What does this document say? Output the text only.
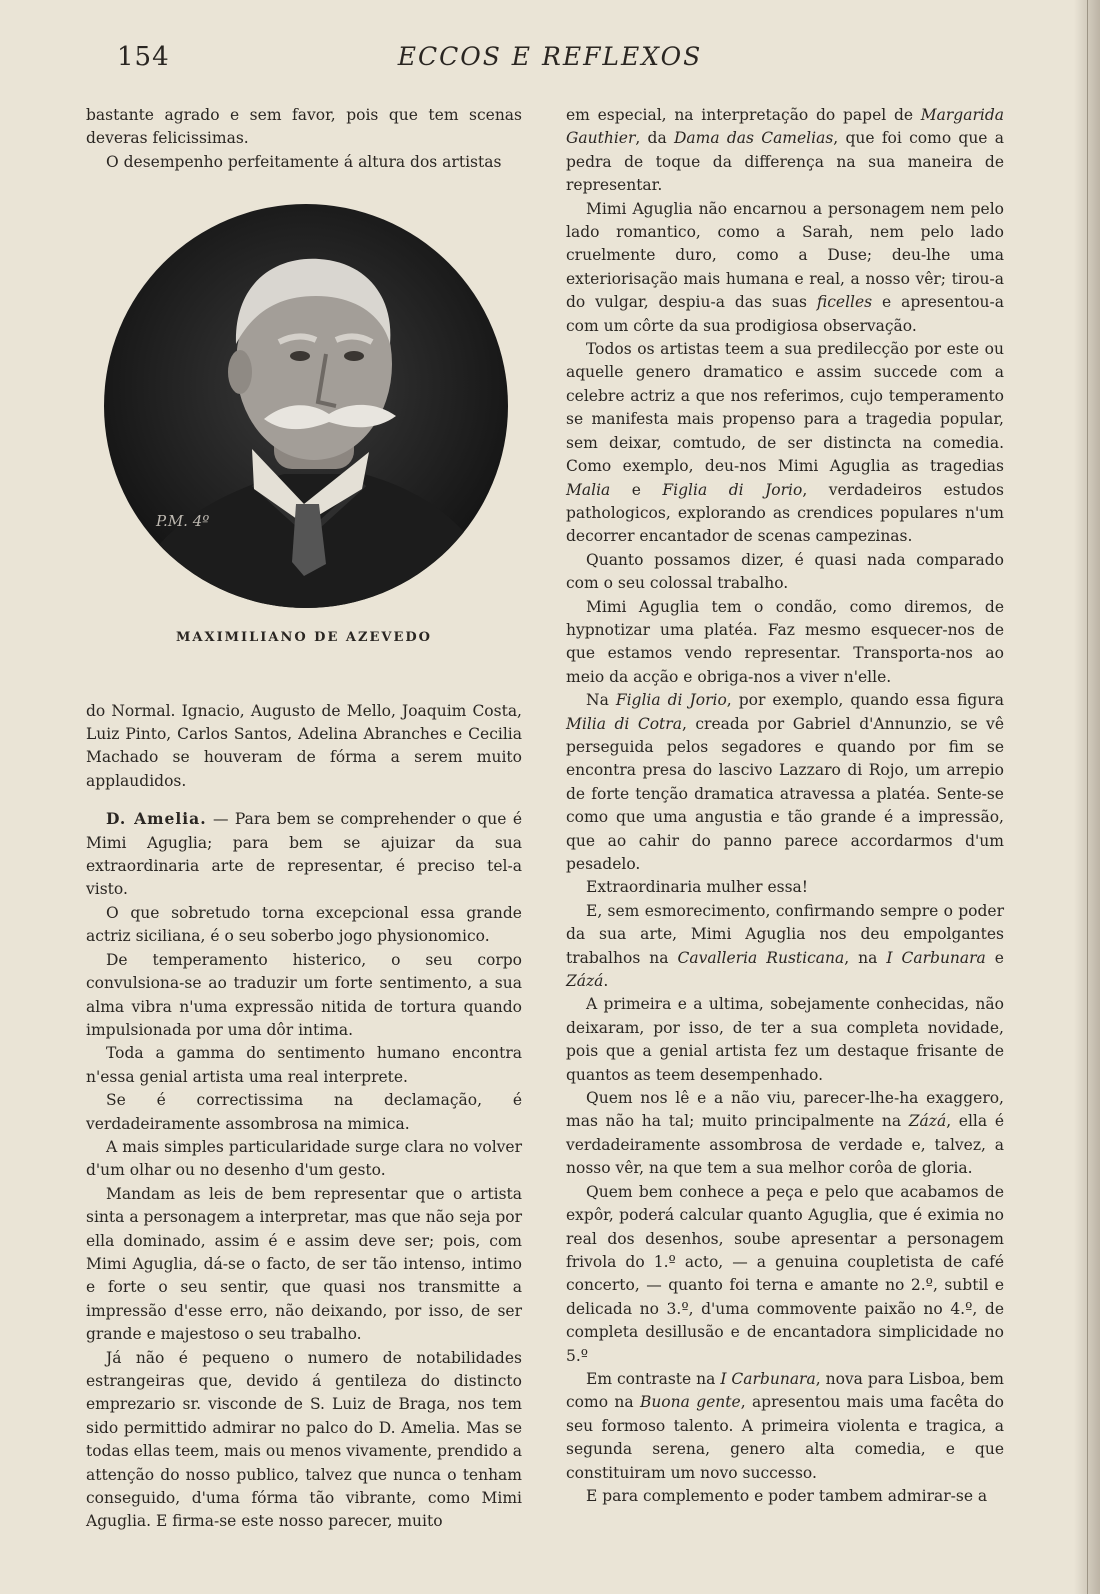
154	ECCOS E REFLEXOS

bastante agrado e sem favor, pois que tem scenas deveras felicissimas.

O desempenho perfeitamente á altura dos artistas

P.M. 4º
MAXIMILIANO DE AZEVEDO

do Normal. Ignacio, Augusto de Mello, Joaquim Costa, Luiz Pinto, Carlos Santos, Adelina Abranches e Cecilia Machado se houveram de fórma a serem muito applaudidos.

D. Amelia. — Para bem se comprehender o que é Mimi Aguglia; para bem se ajuizar da sua extraordinaria arte de representar, é preciso tel-a visto.

O que sobretudo torna excepcional essa grande actriz siciliana, é o seu soberbo jogo physionomico.

De temperamento histerico, o seu corpo convulsiona-se ao traduzir um forte sentimento, a sua alma vibra n'uma expressão nitida de tortura quando impulsionada por uma dôr intima.

Toda a gamma do sentimento humano encontra n'essa genial artista uma real interprete.

Se é correctissima na declamação, é verdadeiramente assombrosa na mimica.

A mais simples particularidade surge clara no volver d'um olhar ou no desenho d'um gesto.

Mandam as leis de bem representar que o artista sinta a personagem a interpretar, mas que não seja por ella dominado, assim é e assim deve ser; pois, com Mimi Aguglia, dá-se o facto, de ser tão intenso, intimo e forte o seu sentir, que quasi nos transmitte a impressão d'esse erro, não deixando, por isso, de ser grande e majestoso o seu trabalho.

Já não é pequeno o numero de notabilidades estrangeiras que, devido á gentileza do distincto emprezario sr. visconde de S. Luiz de Braga, nos tem sido permittido admirar no palco do D. Amelia. Mas se todas ellas teem, mais ou menos vivamente, prendido a attenção do nosso publico, talvez que nunca o tenham conseguido, d'uma fórma tão vibrante, como Mimi Aguglia. E firma-se este nosso parecer, muito

em especial, na interpretação do papel de Margarida Gauthier, da Dama das Camelias, que foi como que a pedra de toque da differença na sua maneira de representar.

Mimi Aguglia não encarnou a personagem nem pelo lado romantico, como a Sarah, nem pelo lado cruelmente duro, como a Duse; deu-lhe uma exteriorisação mais humana e real, a nosso vêr; tirou-a do vulgar, despiu-a das suas ficelles e apresentou-a com um côrte da sua prodigiosa observação.

Todos os artistas teem a sua predilecção por este ou aquelle genero dramatico e assim succede com a celebre actriz a que nos referimos, cujo temperamento se manifesta mais propenso para a tragedia popular, sem deixar, comtudo, de ser distincta na comedia. Como exemplo, deu-nos Mimi Aguglia as tragedias Malia e Figlia di Jorio, verdadeiros estudos pathologicos, explorando as crendices populares n'um decorrer encantador de scenas campezinas.

Quanto possamos dizer, é quasi nada comparado com o seu colossal trabalho.

Mimi Aguglia tem o condão, como diremos, de hypnotizar uma platéa. Faz mesmo esquecer-nos de que estamos vendo representar. Transporta-nos ao meio da acção e obriga-nos a viver n'elle.

Na Figlia di Jorio, por exemplo, quando essa figura Milia di Cotra, creada por Gabriel d'Annunzio, se vê perseguida pelos segadores e quando por fim se encontra presa do lascivo Lazzaro di Rojo, um arrepio de forte tenção dramatica atravessa a platéa. Sente-se como que uma angustia e tão grande é a impressão, que ao cahir do panno parece accordarmos d'um pesadelo.

Extraordinaria mulher essa!

E, sem esmorecimento, confirmando sempre o poder da sua arte, Mimi Aguglia nos deu empolgantes trabalhos na Cavalleria Rusticana, na I Carbunara e Zázá.

A primeira e a ultima, sobejamente conhecidas, não deixaram, por isso, de ter a sua completa novidade, pois que a genial artista fez um destaque frisante de quantos as teem desempenhado.

Quem nos lê e a não viu, parecer-lhe-ha exaggero, mas não ha tal; muito principalmente na Zázá, ella é verdadeiramente assombrosa de verdade e, talvez, a nosso vêr, na que tem a sua melhor corôa de gloria.

Quem bem conhece a peça e pelo que acabamos de expôr, poderá calcular quanto Aguglia, que é eximia no real dos desenhos, soube apresentar a personagem frivola do 1.º acto, — a genuina coupletista de café concerto, — quanto foi terna e amante no 2.º, subtil e delicada no 3.º, d'uma commovente paixão no 4.º, de completa desillusão e de encantadora simplicidade no 5.º

Em contraste na I Carbunara, nova para Lisboa, bem como na Buona gente, apresentou mais uma facêta do seu formoso talento. A primeira violenta e tragica, a segunda serena, genero alta comedia, e que constituiram um novo successo.

E para complemento e poder tambem admirar-se a
